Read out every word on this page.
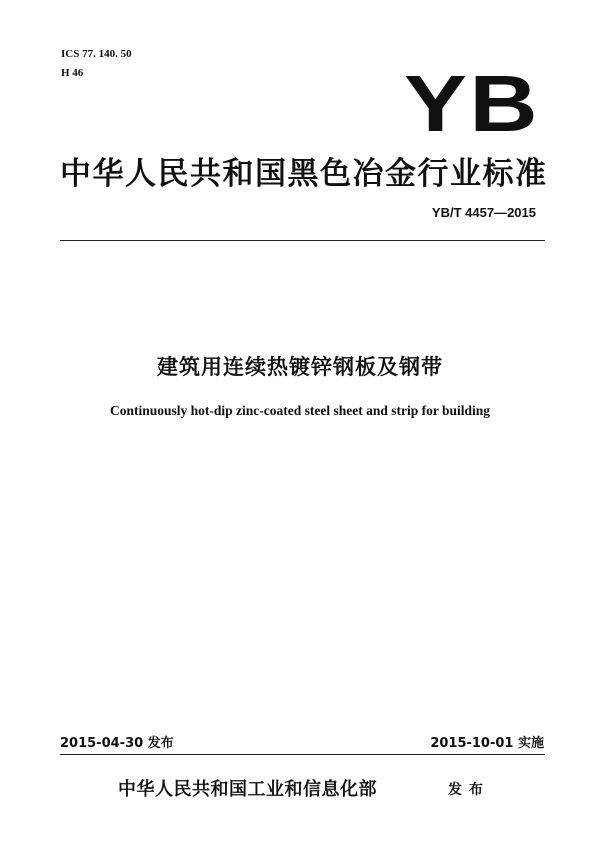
ICS 77. 140. 50
H 46	YB
中华人民共和国黑色冶金行业标准
YB/T 4457—2015
建筑用连续热镀锌钢板及钢带
Continuously hot-dip zinc-coated steel sheet and strip for building
2015-04-30 发布	2015-10-01 实施
中华人民共和国工业和信息化部	发 布
